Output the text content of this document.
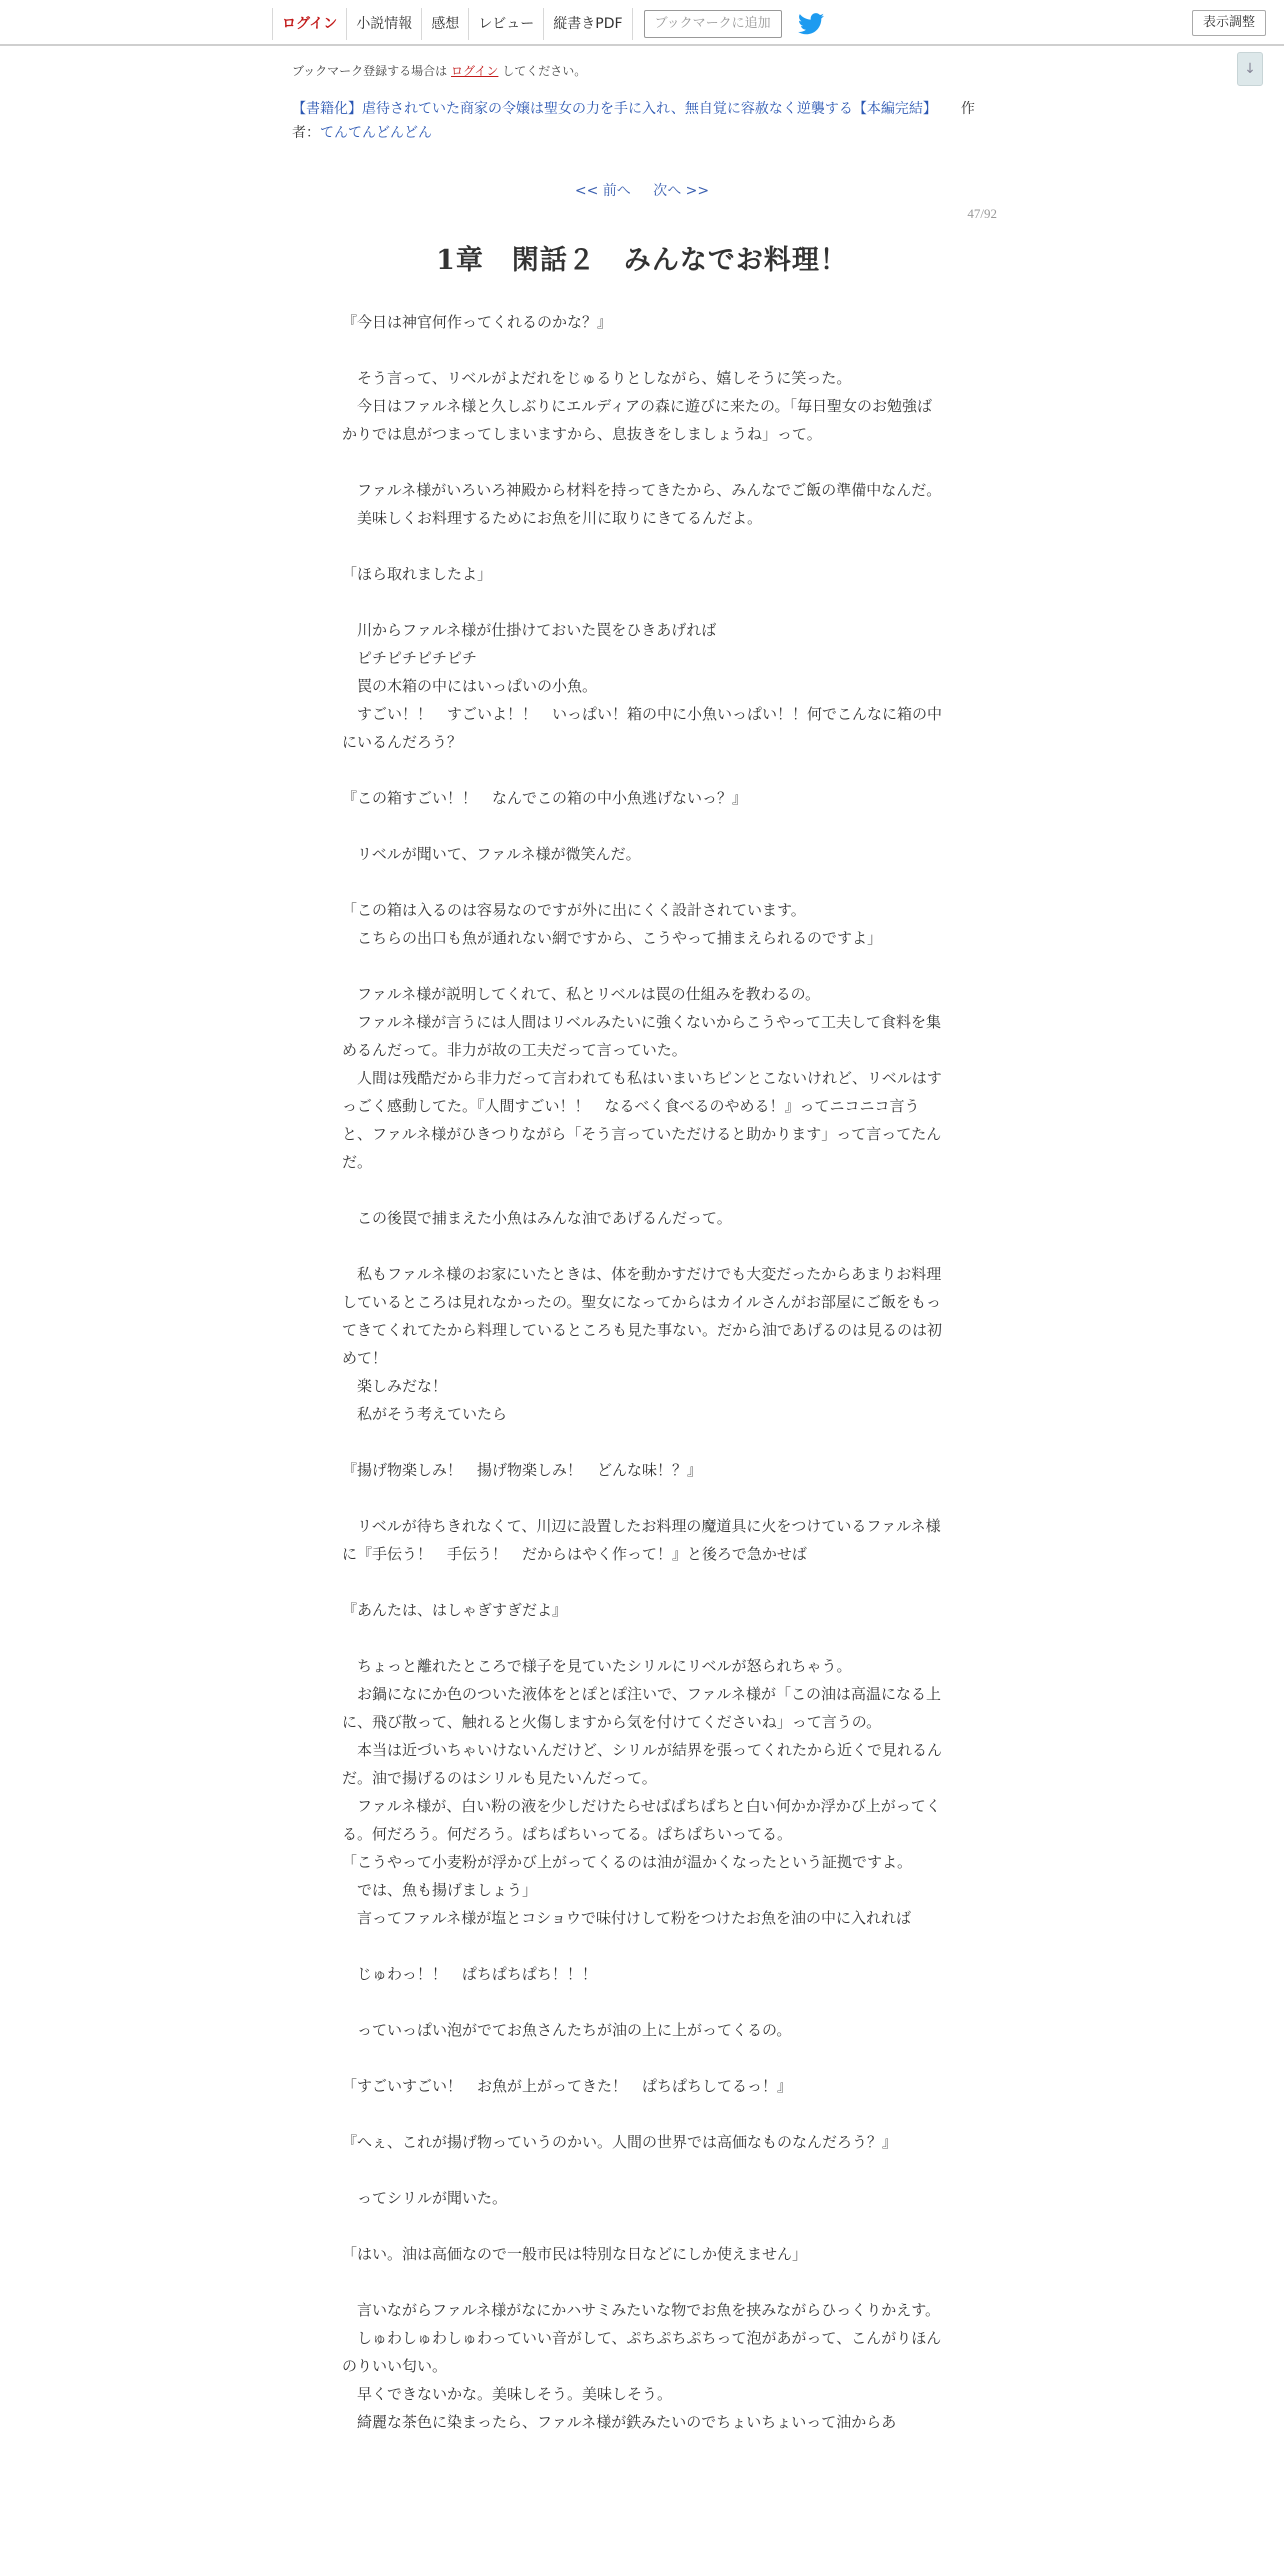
ログイン	小説情報	感想	レビュー	縦書きPDF	ブックマークに追加	表示調整
↓
ブックマーク登録する場合は ログイン してください。
【書籍化】虐待されていた商家の令嬢は聖女の力を手に入れ、無自覚に容赦なく逆襲する【本編完結】 作者：てんてんどんどん
<< 前へ 次へ >>
47/92
1章　閑話２　みんなでお料理！

『今日は神官何作ってくれるのかな？』

　そう言って、リベルがよだれをじゅるりとしながら、嬉しそうに笑った。

　今日はファルネ様と久しぶりにエルディアの森に遊びに来たの。「毎日聖女のお勉強ばかりでは息がつまってしまいますから、息抜きをしましょうね」って。

　ファルネ様がいろいろ神殿から材料を持ってきたから、みんなでご飯の準備中なんだ。

　美味しくお料理するためにお魚を川に取りにきてるんだよ。

「ほら取れましたよ」

　川からファルネ様が仕掛けておいた罠をひきあげれば

　ピチピチピチピチ

　罠の木箱の中にはいっぱいの小魚。

　すごい！！　すごいよ！！　いっぱい！箱の中に小魚いっぱい！！何でこんなに箱の中にいるんだろう？

『この箱すごい！！　なんでこの箱の中小魚逃げないっ？』

　リベルが聞いて、ファルネ様が微笑んだ。

「この箱は入るのは容易なのですが外に出にくく設計されています。

　こちらの出口も魚が通れない網ですから、こうやって捕まえられるのですよ」

　ファルネ様が説明してくれて、私とリベルは罠の仕組みを教わるの。

　ファルネ様が言うには人間はリベルみたいに強くないからこうやって工夫して食料を集めるんだって。非力が故の工夫だって言っていた。

　人間は残酷だから非力だって言われても私はいまいちピンとこないけれど、リベルはすっごく感動してた。『人間すごい！！　なるべく食べるのやめる！』ってニコニコ言うと、ファルネ様がひきつりながら「そう言っていただけると助かります」って言ってたんだ。

　この後罠で捕まえた小魚はみんな油であげるんだって。

　私もファルネ様のお家にいたときは、体を動かすだけでも大変だったからあまりお料理しているところは見れなかったの。聖女になってからはカイルさんがお部屋にご飯をもってきてくれてたから料理しているところも見た事ない。だから油であげるのは見るのは初めて！

　楽しみだな！

　私がそう考えていたら

『揚げ物楽しみ！　揚げ物楽しみ！　どんな味！？』

　リベルが待ちきれなくて、川辺に設置したお料理の魔道具に火をつけているファルネ様に『手伝う！　手伝う！　だからはやく作って！』と後ろで急かせば

『あんたは、はしゃぎすぎだよ』

　ちょっと離れたところで様子を見ていたシリルにリベルが怒られちゃう。

　お鍋になにか色のついた液体をとぽとぽ注いで、ファルネ様が「この油は高温になる上に、飛び散って、触れると火傷しますから気を付けてくださいね」って言うの。

　本当は近づいちゃいけないんだけど、シリルが結界を張ってくれたから近くで見れるんだ。油で揚げるのはシリルも見たいんだって。

　ファルネ様が、白い粉の液を少しだけたらせばぱちぱちと白い何かか浮かび上がってくる。何だろう。何だろう。ぱちぱちいってる。ぱちぱちいってる。

「こうやって小麦粉が浮かび上がってくるのは油が温かくなったという証拠ですよ。

　では、魚も揚げましょう」

　言ってファルネ様が塩とコショウで味付けして粉をつけたお魚を油の中に入れれば

　じゅわっ！！　ぱちぱちぱち！！！

　っていっぱい泡がでてお魚さんたちが油の上に上がってくるの。

「すごいすごい！　お魚が上がってきた！　ぱちぱちしてるっ！』

『へぇ、これが揚げ物っていうのかい。人間の世界では高価なものなんだろう？』

　ってシリルが聞いた。

「はい。油は高価なので一般市民は特別な日などにしか使えません」

　言いながらファルネ様がなにかハサミみたいな物でお魚を挟みながらひっくりかえす。

　しゅわしゅわしゅわっていい音がして、ぷちぷちぷちって泡があがって、こんがりほんのりいい匂い。

　早くできないかな。美味しそう。美味しそう。

　綺麗な茶色に染まったら、ファルネ様が鉄みたいのでちょいちょいって油からあ
